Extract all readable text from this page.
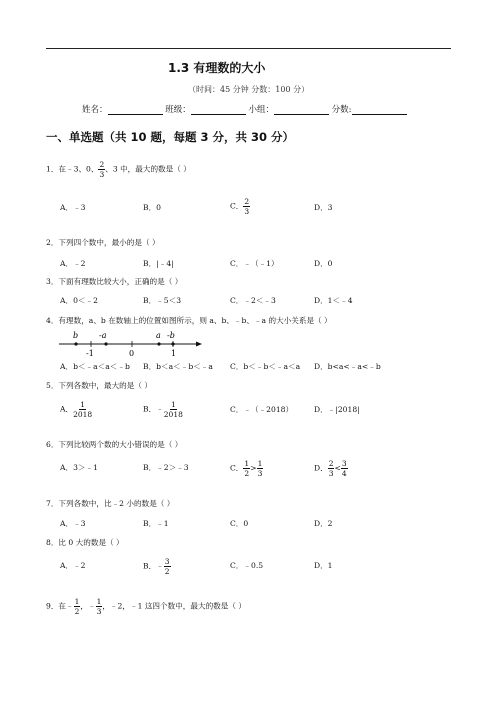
1.3 有理数的大小
（时间：45 分钟 分数：100 分）
姓名：	班级：	小组：	分数:
一、单选题（共 10 题，每题 3 分，共 30 分）
1．在﹣3、0、 $\frac{2}{3}$ 、3 中，最大的数是（ ）
A．﹣3	B．0	C． $\frac{2}{3}$	D．3
2．下列四个数中，最小的是（ ）
A．﹣2	B．|﹣4|	C．﹣（﹣1）	D．0
3．下面有理数比较大小，正确的是（ ）
A．0＜﹣2	B．﹣5＜3	C．﹣2＜﹣3	D．1＜﹣4
4．有理数，a、b 在数轴上的位置如图所示，则 a、b、﹣b、﹣a 的大小关系是（ ）
b	-a	a -b
-1	0	1
A．b＜﹣a＜a＜﹣b B．b＜a＜﹣b＜﹣a C．b＜﹣b＜﹣a＜a D．b<a<﹣a<﹣b
5．下列各数中，最大的是（ ）
A． $\frac{1}{2018}$	B．﹣ $\frac{1}{2018}$	C．﹣（﹣2018）	D．﹣|2018|
6．下列比较两个数的大小错误的是（ ）
A．3＞﹣1	B．﹣2＞﹣3	C． $\frac{1}{2} > \frac{1}{3}$	D． $\frac{2}{3} < \frac{3}{4}$
7．下列各数中，比﹣2 小的数是（ ）
A．﹣3	B．﹣1	C．0	D．2
8．比 0 大的数是（ ）
A．﹣2	B．﹣ $\frac{3}{2}$	C．﹣0.5	D．1
9．在﹣ $\frac{1}{2}$ ，﹣ $\frac{1}{3}$ ，﹣2，﹣1 这四个数中，最大的数是（ ）
